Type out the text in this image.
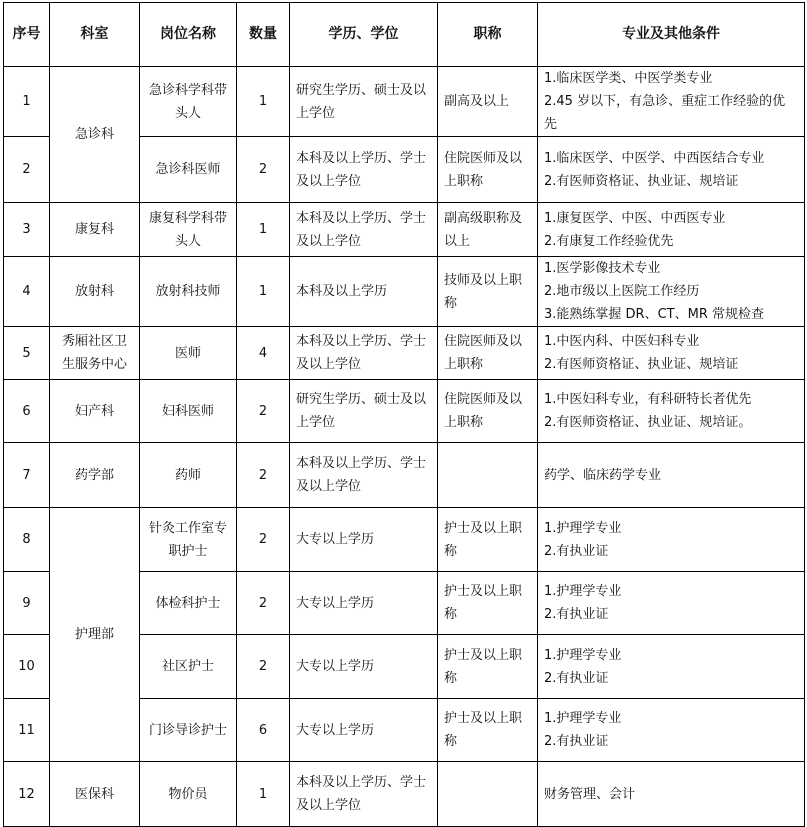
序号	科室	岗位名称	数量	学历、学位	职称	专业及其他条件
1	急诊科	急诊科学科带头人	1	研究生学历、硕士及以上学位	副高及以上	1.临床医学类、中医学类专业
2.45 岁以下，有急诊、重症工作经验的优先

2		急诊科医师	2	本科及以上学历、学士及以上学位	住院医师及以上职称	1.临床医学、中医学、中西医结合专业
2.有医师资格证、执业证、规培证

3	康复科	康复科学科带头人	1	本科及以上学历、学士及以上学位	副高级职称及以上	1.康复医学、中医、中西医专业
2.有康复工作经验优先

4	放射科	放射科技师	1	本科及以上学历	技师及以上职称	1.医学影像技术专业
2.地市级以上医院工作经历
3.能熟练掌握 DR、CT、MR 常规检查

5	秀厢社区卫生服务中心	医师	4	本科及以上学历、学士及以上学位	住院医师及以上职称	1.中医内科、中医妇科专业
2.有医师资格证、执业证、规培证

6	妇产科	妇科医师	2	研究生学历、硕士及以上学位	住院医师及以上职称	1.中医妇科专业，有科研特长者优先
2.有医师资格证、执业证、规培证。

7	药学部	药师	2	本科及以上学历、学士及以上学位		药学、临床药学专业

8	护理部	针灸工作室专职护士	2	大专以上学历	护士及以上职称	1.护理学专业
2.有执业证

9		体检科护士	2	大专以上学历	护士及以上职称	1.护理学专业
2.有执业证

10		社区护士	2	大专以上学历	护士及以上职称	1.护理学专业
2.有执业证

11		门诊导诊护士	6	大专以上学历	护士及以上职称	1.护理学专业
2.有执业证

12	医保科	物价员	1	本科及以上学历、学士及以上学位		财务管理、会计
